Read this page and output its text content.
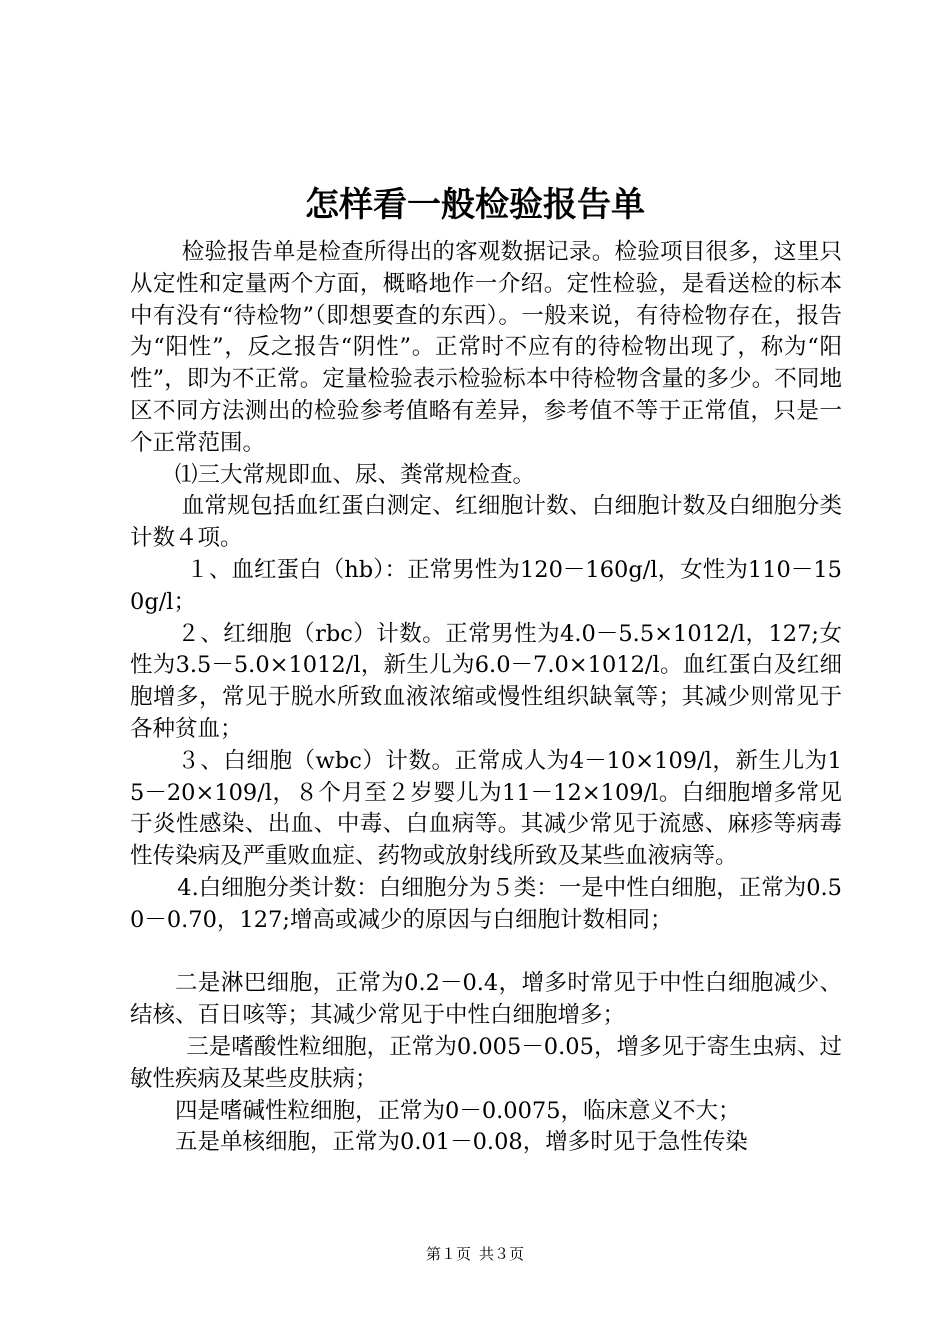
怎样看一般检验报告单

检验报告单是检查所得出的客观数据记录。检验项目很多，这里只从定性和定量两个方面，概略地作一介绍。定性检验，是看送检的标本中有没有“待检物”（即想要查的东西）。一般来说，有待检物存在，报告为“阳性”，反之报告“阴性”。正常时不应有的待检物出现了，称为“阳性”，即为不正常。定量检验表示检验标本中待检物含量的多少。不同地区不同方法测出的检验参考值略有差异，参考值不等于正常值，只是一个正常范围。

⑴三大常规即血、尿、粪常规检查。

血常规包括血红蛋白测定、红细胞计数、白细胞计数及白细胞分类计数４项。

１、血红蛋白（hb）：正常男性为120－160g/l，女性为110－150g/l；

２、红细胞（rbc）计数。正常男性为4.0－5.5×1012/l，127;女性为3.5－5.0×1012/l，新生儿为6.0－7.0×1012/l。血红蛋白及红细胞增多，常见于脱水所致血液浓缩或慢性组织缺氧等；其减少则常见于各种贫血；

３、白细胞（wbc）计数。正常成人为4－10×109/l，新生儿为15－20×109/l，８个月至２岁婴儿为11－12×109/l。白细胞增多常见于炎性感染、出血、中毒、白血病等。其减少常见于流感、麻疹等病毒性传染病及严重败血症、药物或放射线所致及某些血液病等。

4.白细胞分类计数：白细胞分为５类：一是中性白细胞，正常为0.50－0.70，127;增高或减少的原因与白细胞计数相同；

二是淋巴细胞，正常为0.2－0.4，增多时常见于中性白细胞减少、结核、百日咳等；其减少常见于中性白细胞增多；

三是嗜酸性粒细胞，正常为0.005－0.05，增多见于寄生虫病、过敏性疾病及某些皮肤病；

四是嗜碱性粒细胞，正常为0－0.0075，临床意义不大；

五是单核细胞，正常为0.01－0.08，增多时见于急性传染

第１页 共３页
